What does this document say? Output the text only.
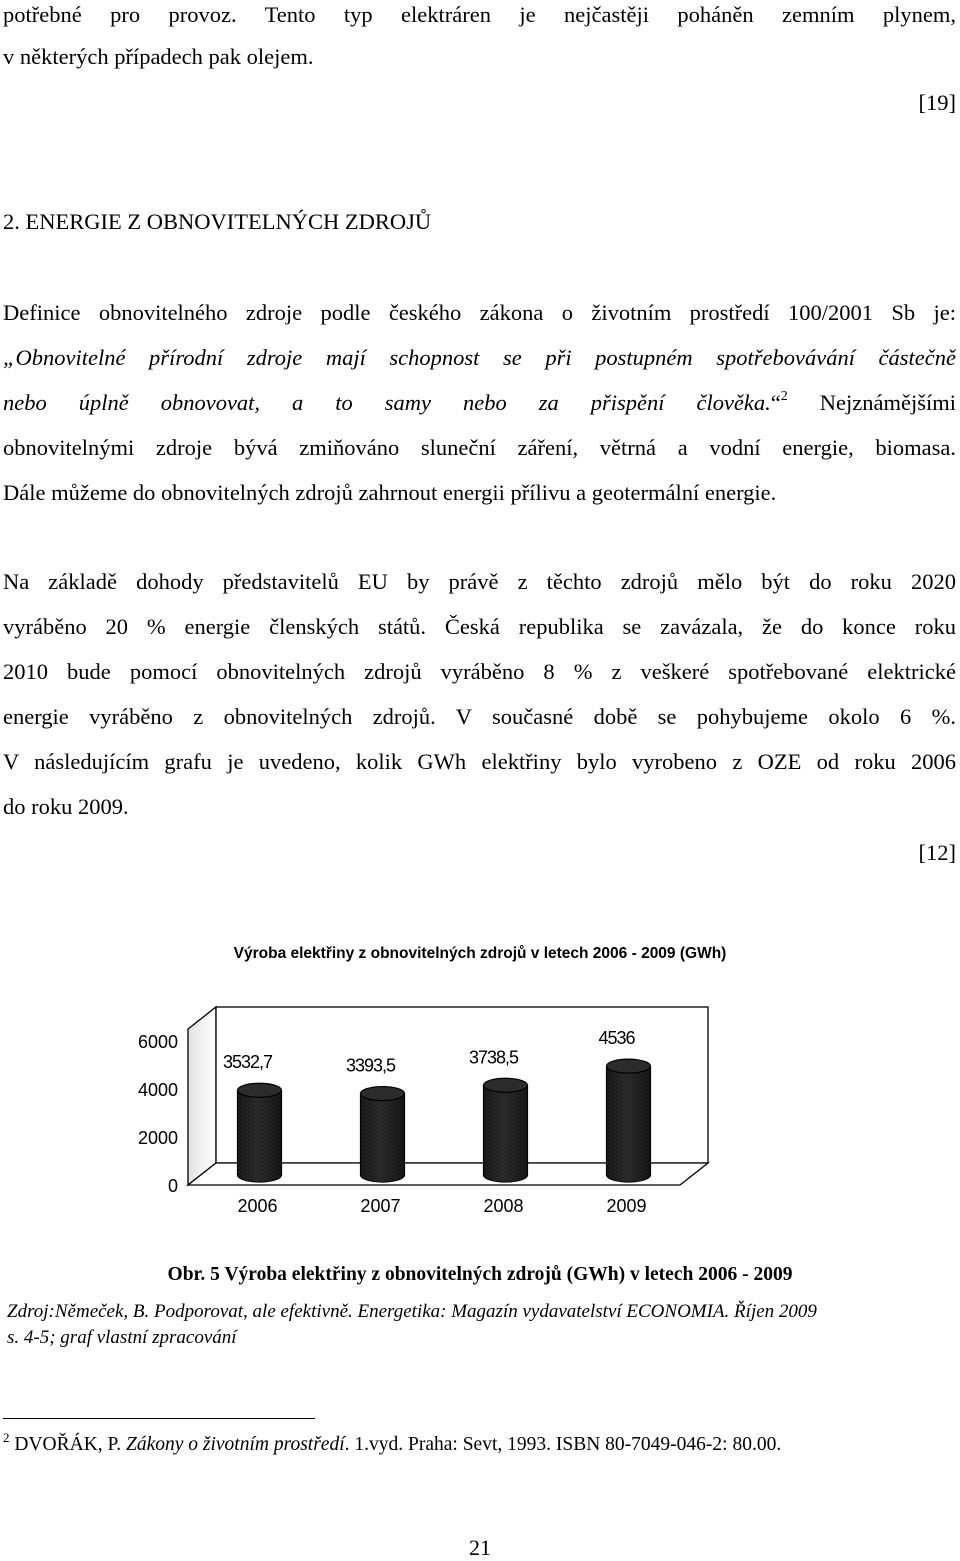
potřebné pro provoz. Tento typ elektráren je nejčastěji poháněn zemním plynem,
v některých případech pak olejem.
[19]
2. ENERGIE Z OBNOVITELNÝCH ZDROJŮ
Definice obnovitelného zdroje podle českého zákona o životním prostředí 100/2001 Sb je:
„Obnovitelné přírodní zdroje mají schopnost se při postupném spotřebovávání částečně
nebo úplně obnovovat, a to samy nebo za přispění člověka.“$^2$ Nejznámějšími
obnovitelnými zdroje bývá zmiňováno sluneční záření, větrná a vodní energie, biomasa.
Dále můžeme do obnovitelných zdrojů zahrnout energii přílivu a geotermální energie.
Na základě dohody představitelů EU by právě z těchto zdrojů mělo být do roku 2020
vyráběno 20 % energie členských států. Česká republika se zavázala, že do konce roku
2010 bude pomocí obnovitelných zdrojů vyráběno 8 % z veškeré spotřebované elektrické
energie vyráběno z obnovitelných zdrojů. V současné době se pohybujeme okolo 6 %.
V následujícím grafu je uvedeno, kolik GWh elektřiny bylo vyrobeno z OZE od roku 2006
do roku 2009.
[12]
Výroba elektřiny z obnovitelných zdrojů v letech 2006 - 2009 (GWh)
0
2000
4000
6000
3532,7	3393,5	3738,5
4536
2006	2007	2008	2009
Obr. 5 Výroba elektřiny z obnovitelných zdrojů (GWh) v letech 2006 - 2009
Zdroj:Němeček, B. Podporovat, ale efektivně. Energetika: Magazín vydavatelství ECONOMIA. Říjen 2009
s. 4-5; graf vlastní zpracování
$^2$ DVOŘÁK, P. Zákony o životním prostředí. 1.vyd. Praha: Sevt, 1993. ISBN 80-7049-046-2: 80.00.
21
